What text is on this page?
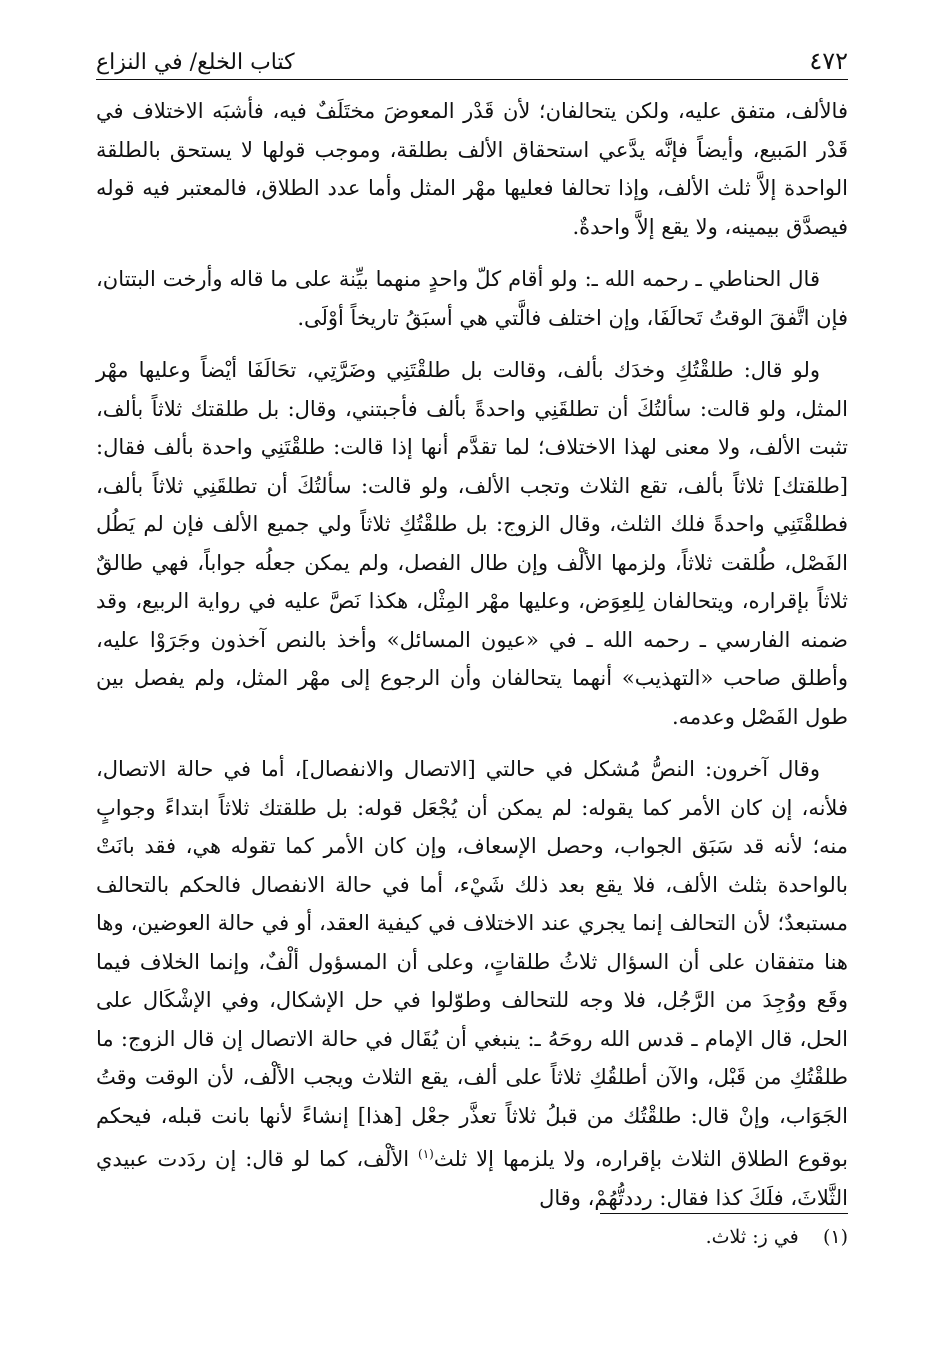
٤٧٢
كتاب الخلع/ في النزاع

فالألف، متفق عليه، ولكن يتحالفان؛ لأن قَدْر المعوضَ مختَلَفٌ فيه، فأشبَه الاختلاف في قَدْر المَبيع، وأيضاً فإنَّه يدَّعي استحقاق الألف بطلقة، وموجب قولها لا يستحق بالطلقة الواحدة إلاَّ ثلث الألف، وإذا تحالفا فعليها مهْر المثل وأما عدد الطلاق، فالمعتبر فيه قوله فيصدَّق بيمينه، ولا يقع إلاَّ واحدةٌ.

قال الحناطي ـ رحمه الله ـ: ولو أقام كلّ واحدٍ منهما بيِّنة على ما قاله وأرخت البتتان، فإن اتَّفقَ الوقتُ تَحالَفَا، وإن اختلف فالَّتي هي أسبَقُ تاريخاً أوْلَى.

ولو قال: طلقْتُكِ وخدَك بألف، وقالت بل طلقْتَنِي وضَرَّتِي، تحَالَفَا أيْضاً وعليها مهْر المثل، ولو قالت: سألتُكَ أن تطلقَنِي واحدةً بألف فأجبتني، وقال: بل طلقتك ثلاثاً بألف، تثبت الألف، ولا معنى لهذا الاختلاف؛ لما تقدَّم أنها إذا قالت: طلقْتَنِي واحدة بألف فقال: [طلقتك] ثلاثاً بألف، تقع الثلاث وتجب الألف، ولو قالت: سألتُكَ أن تطلقَنِي ثلاثاً بألف، فطلقْتَنِي واحدةً فلك الثلث، وقال الزوج: بل طلقْتُكِ ثلاثاً ولي جميع الألف فإن لم يَطُل الفَصْل، طُلقت ثلاثاً، ولزمها الألْف وإن طال الفصل، ولم يمكن جعلُه جواباً، فهي طالقٌ ثلاثاً بإقراره، ويتحالفان لِلعِوَض، وعليها مهْر المِثْل، هكذا نَصَّ عليه في رواية الربيع، وقد ضمنه الفارسي ـ رحمه الله ـ في «عيون المسائل» وأخذ بالنص آخذون وجَرَوْا عليه، وأطلق صاحب «التهذيب» أنهما يتحالفان وأن الرجوع إلى مهْر المثل، ولم يفصل بين طول الفَصْل وعدمه.

وقال آخرون: النصُّ مُشكل في حالتي [الاتصال والانفصال]، أما في حالة الاتصال، فلأنه، إن كان الأمر كما يقوله: لم يمكن أن يُجْعَل قوله: بل طلقتك ثلاثاً ابتداءً وجوابٍ منه؛ لأنه قد سَبَق الجواب، وحصل الإسعاف، وإن كان الأمر كما تقوله هي، فقد بانَتْ بالواحدة بثلث الألف، فلا يقع بعد ذلك شَيْء، أما في حالة الانفصال فالحكم بالتحالف مستبعدٌ؛ لأن التحالف إنما يجري عند الاختلاف في كيفية العقد، أو في حالة العوضين، وها هنا متفقان على أن السؤال ثلاثُ طلقاتٍ، وعلى أن المسؤول ألْفٌ، وإنما الخلاف فيما وقَع ووُجِدَ من الرَّجُل، فلا وجه للتحالف وطوّلوا في حل الإشكال، وفي الإشْكَال على الحل، قال الإمام ـ قدس الله روحَهُ ـ: ينبغي أن يُقَال في حالة الاتصال إن قال الزوج: ما طلقْتُكِ من قَبْل، والآن أطلقُكِ ثلاثاً على ألف، يقع الثلاث ويجب الألْف، لأن الوقت وقتُ الجَوَاب، وإنْ قال: طلقْتُك من قبلُ ثلاثاً تعذَّر جعْل [هذا] إنشاءً لأنها بانت قبله، فيحكم بوقوع الطلاق الثلاث بإقراره، ولا يلزمها إلا ثلث$^{(١)}$ الألْف، كما لو قال: إن ردَدت عبيدي الثَّلاثَ، فلَكَ كذا فقال: رددتُّهُمْ، وقال

(١)    في ز: ثلاث.
